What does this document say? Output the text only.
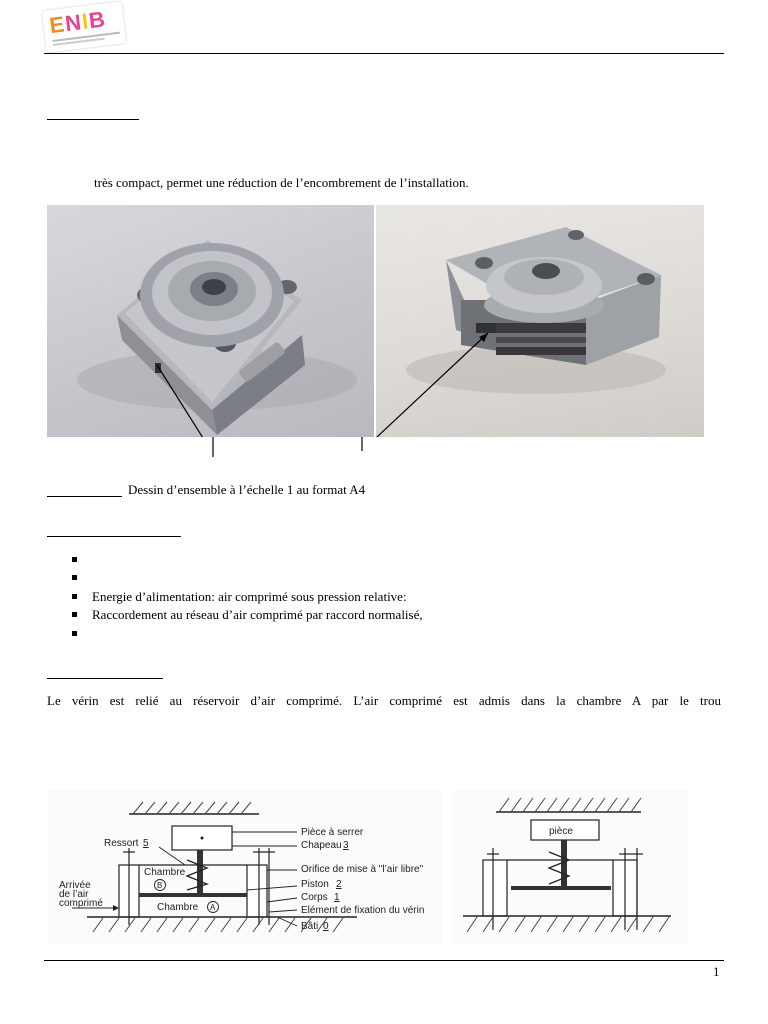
ENIB
très compact, permet une réduction de l’encombrement de l’installation.
Dessin d’ensemble à l’échelle 1 au format A4
Energie d’alimentation: air comprimé sous pression relative:
Raccordement au réseau d’air comprimé par raccord normalisé,
Le vérin est relié au réservoir d’air comprimé. L’air comprimé est admis dans la chambre A par le trou
Pièce à serrer
Chapeau 3
Ressort 5
Orifice de mise à "l’air libre"
Chambre
B	Piston 2
Corps 1
Arrivée
de l’air
comprimé	Chambre A	Elément de fixation du vérin
Bâti 0
pièce
1
